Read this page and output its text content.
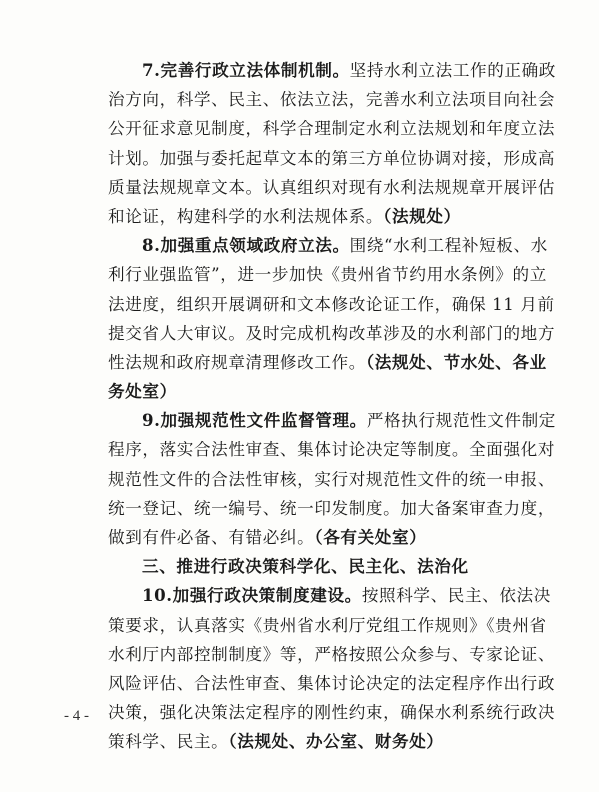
7.完善行政立法体制机制。坚持水利立法工作的正确政
治方向，科学、民主、依法立法，完善水利立法项目向社会
公开征求意见制度，科学合理制定水利立法规划和年度立法
计划。加强与委托起草文本的第三方单位协调对接，形成高
质量法规规章文本。认真组织对现有水利法规规章开展评估
和论证，构建科学的水利法规体系。（法规处）
8.加强重点领域政府立法。围绕“水利工程补短板、水
利行业强监管”，进一步加快《贵州省节约用水条例》的立
法进度，组织开展调研和文本修改论证工作，确保 11 月前
提交省人大审议。及时完成机构改革涉及的水利部门的地方
性法规和政府规章清理修改工作。（法规处、节水处、各业
务处室）
9.加强规范性文件监督管理。严格执行规范性文件制定
程序，落实合法性审查、集体讨论决定等制度。全面强化对
规范性文件的合法性审核，实行对规范性文件的统一申报、
统一登记、统一编号、统一印发制度。加大备案审查力度，
做到有件必备、有错必纠。（各有关处室）
三、推进行政决策科学化、民主化、法治化
10.加强行政决策制度建设。按照科学、民主、依法决
策要求，认真落实《贵州省水利厅党组工作规则》《贵州省
水利厅内部控制制度》等，严格按照公众参与、专家论证、
风险评估、合法性审查、集体讨论决定的法定程序作出行政
决策，强化决策法定程序的刚性约束，确保水利系统行政决
策科学、民主。（法规处、办公室、财务处）
- 4 -
